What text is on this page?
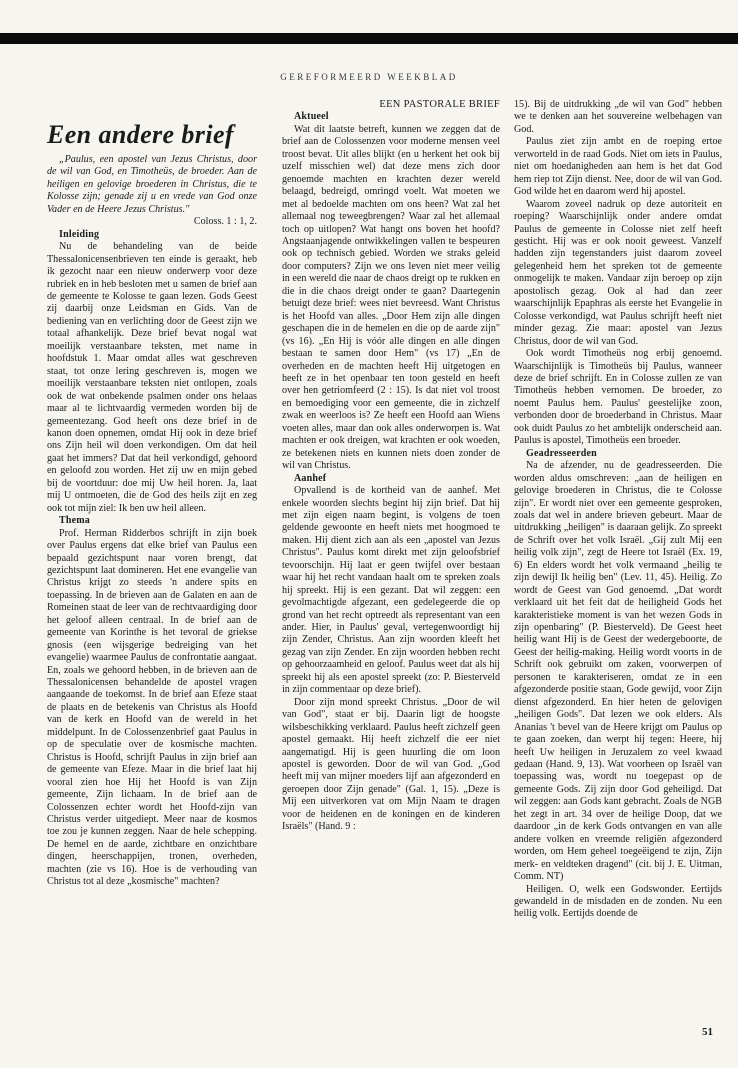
GEREFORMEERD WEEKBLAD
Een andere brief

„Paulus, een apostel van Jezus Christus, door de wil van God, en Timotheüs, de broeder. Aan de heiligen en gelovige broederen in Christus, die te Kolosse zijn; genade zij u en vrede van God onze Vader en de Heere Jezus Christus."
Coloss. 1 : 1, 2.

Inleiding

Nu de behandeling van de beide Thessalonicensenbrieven ten einde is geraakt, heb ik gezocht naar een nieuw onderwerp voor deze rubriek en in heb besloten met u samen de brief aan de gemeente te Kolosse te gaan lezen. Gods Geest zij daarbij onze Leidsman en Gids. Van de bediening van en verlichting door de Geest zijn we totaal afhankelijk. Deze brief bevat nogal wat moeilijk verstaanbare teksten, met name in hoofdstuk 1. Maar omdat alles wat geschreven staat, tot onze lering geschreven is, mogen we moeilijk verstaanbare teksten niet ontlopen, zoals ook de wat onbekende psalmen onder ons helaas maar al te lichtvaardig vermeden worden bij de gemeentezang. God heeft ons deze brief in de kanon doen opnemen, omdat Hij ook in deze brief ons Zijn heil wil doen verkondigen. Om dat heil gaat het immers? Dat dat heil verkondigd, gehoord en geloofd zou worden. Het zij uw en mijn gebed bij de voortduur: doe mij Uw heil horen. Ja, laat mij U ontmoeten, die de God des heils zijt en zeg ook tot mijn ziel: Ik ben uw heil alleen.

Thema

Prof. Herman Ridderbos schrijft in zijn boek over Paulus ergens dat elke brief van Paulus een bepaald gezichtspunt naar voren brengt, dat gezichtspunt laat domineren. Het ene evangelie van Christus krijgt zo steeds 'n andere spits en toepassing. In de brieven aan de Galaten en aan de Romeinen staat de leer van de rechtvaardiging door het geloof alleen centraal. In de brief aan de gemeente van Korinthe is het tevoral de griekse gnosis (een wijsgerige bedreiging van het evangelie) waarmee Paulus de confrontatie aangaat. En, zoals we gehoord hebben, in de brieven aan de Thessalonicensen behandelde de apostel vragen aangaande de toekomst. In de brief aan Efeze staat de plaats en de betekenis van Christus als Hoofd van de kerk en Hoofd van de wereld in het middelpunt. In de Colossenzenbrief gaat Paulus in op de speculatie over de kosmische machten. Christus is Hoofd, schrijft Paulus in zijn brief aan de gemeente van Efeze. Maar in die brief laat hij vooral zien hoe Hij het Hoofd is van Zijn gemeente, Zijn lichaam. In de brief aan de Colossenzen echter wordt het Hoofd-zijn van Christus verder uitgediept. Meer naar de kosmos toe zou je kunnen zeggen. Naar de hele schepping. De hemel en de aarde, zichtbare en onzichtbare dingen, heerschappijen, tronen, overheden, machten (zie vs 16). Hoe is de verhouding van Christus tot al deze „kosmische" machten?

EEN PASTORALE BRIEF

Aktueel

Wat dit laatste betreft, kunnen we zeggen dat de brief aan de Colossenzen voor moderne mensen veel troost bevat. Uit alles blijkt (en u herkent het ook bij uzelf misschien wel) dat deze mens zich door genoemde machten en krachten dezer wereld belaagd, bedreigd, omringd voelt. Wat moeten we met al bedoelde machten om ons heen? Wat zal het allemaal nog teweegbrengen? Waar zal het allemaal toch op uitlopen? Wat hangt ons boven het hoofd? Angstaanjagende ontwikkelingen vallen te bespeuren ook op technisch gebied. Worden we straks geleid door computers? Zijn we ons leven niet meer veilig in een wereld die naar de chaos dreigt op te rukken en die in die chaos dreigt onder te gaan? Daartegenin betuigt deze brief: wees niet bevreesd. Want Christus is het Hoofd van alles. „Door Hem zijn alle dingen geschapen die in de hemelen en die op de aarde zijn" (vs 16). „En Hij is vóór alle dingen en alle dingen bestaan te samen door Hem" (vs 17) „En de overheden en de machten heeft Hij uitgetogen en heeft ze in het openbaar ten toon gesteld en heeft over hen getriomfeerd (2 : 15). Is dat niet vol troost en bemoediging voor een gemeente, die in zichzelf zwak en weerloos is? Ze heeft een Hoofd aan Wiens voeten alles, maar dan ook alles onderworpen is. Wat machten er ook dreigen, wat krachten er ook woeden, ze betekenen niets en kunnen niets doen zonder de wil van Christus.

Aanhef

Opvallend is de kortheid van de aanhef. Met enkele woorden slechts begint hij zijn brief. Dat hij met zijn eigen naam begint, is volgens de toen geldende gewoonte en heeft niets met hoogmoed te maken. Hij dient zich aan als een „apostel van Jezus Christus". Paulus komt direkt met zijn geloofsbrief tevoorschijn. Hij laat er geen twijfel over bestaan waar hij het recht vandaan haalt om te spreken zoals hij spreekt. Hij is een gezant. Dat wil zeggen: een gevolmachtigde afgezant, een gedelegeerde die op grond van het recht optreedt als representant van een ander. Hier, in Paulus' geval, vertegenwoordigt hij zijn Zender, Christus. Aan zijn woorden kleeft het gezag van zijn Zender. En zijn woorden hebben recht op gehoorzaamheid en geloof. Paulus weet dat als hij spreekt hij als een apostel spreekt (zo: P. Biesterveld in zijn commentaar op deze brief).

Door zijn mond spreekt Christus. „Door de wil van God", staat er bij. Daarin ligt de hoogste wilsbeschikking verklaard. Paulus heeft zichzelf geen apostel gemaakt. Hij heeft zichzelf die eer niet aangematigd. Hij is geen huurling die om loon apostel is geworden. Door de wil van God. „God heeft mij van mijner moeders lijf aan afgezonderd en geroepen door Zijn genade" (Gal. 1, 15). „Deze is Mij een uitverkoren vat om Mijn Naam te dragen voor de heidenen en de koningen en de kinderen Israëls" (Hand. 9 :

15). Bij de uitdrukking „de wil van God" hebben we te denken aan het souvereine welbehagen van God.

Paulus ziet zijn ambt en de roeping ertoe verworteld in de raad Gods. Niet om iets in Paulus, niet om hoedanigheden aan hem is het dat God hem riep tot Zijn dienst. Nee, door de wil van God. God wilde het en daarom werd hij apostel.

Waarom zoveel nadruk op deze autoriteit en roeping? Waarschijnlijk onder andere omdat Paulus de gemeente in Colosse niet zelf heeft gesticht. Hij was er ook nooit geweest. Vanzelf hadden zijn tegenstanders juist daarom zoveel gelegenheid hem het spreken tot de gemeente onmogelijk te maken. Vandaar zijn beroep op zijn apostolisch gezag. Ook al had dan zeer waarschijnlijk Epaphras als eerste het Evangelie in Colosse verkondigd, wat Paulus schrijft heeft niet minder gezag. Zie maar: apostel van Jezus Christus, door de wil van God.

Ook wordt Timotheüs nog erbij genoemd. Waarschijnlijk is Timotheüs bij Paulus, wanneer deze de brief schrijft. En in Colosse zullen ze van Timotheüs hebben vernomen. De broeder, zo noemt Paulus hem. Paulus' geestelijke zoon, verbonden door de broederband in Christus. Maar ook duidt Paulus zo het ambtelijk onderscheid aan. Paulus is apostel, Timotheüs een broeder.

Geadresseerden

Na de afzender, nu de geadresseerden. Die worden aldus omschreven: „aan de heiligen en gelovige broederen in Christus, die te Colosse zijn". Er wordt niet over een gemeente gesproken, zoals dat wel in andere brieven gebeurt. Maar de uitdrukking „heiligen" is daaraan gelijk. Zo spreekt de Schrift over het volk Israël. „Gij zult Mij een heilig volk zijn", zegt de Heere tot Israël (Ex. 19, 6) En elders wordt het volk vermaand „heilig te zijn dewijl Ik heilig ben" (Lev. 11, 45). Heilig. Zo wordt de Geest van God genoemd. „Dat wordt verklaard uit het feit dat de heiligheid Gods het karakteristieke moment is van het wezen Gods in zijn openbaring" (P. Biesterveld). De Geest heet heilig want Hij is de Geest der wedergeboorte, de Geest der heilig-making. Heilig wordt voorts in de Schrift ook gebruikt om zaken, voorwerpen of personen te karakteriseren, omdat ze in een afgezonderde positie staan, Gode gewijd, voor Zijn dienst afgezonderd. En hier heten de gelovigen „heiligen Gods". Dat lezen we ook elders. Als Ananias 't bevel van de Heere krijgt om Paulus op te gaan zoeken, dan werpt hij tegen: Heere, hij heeft Uw heiligen in Jeruzalem zo veel kwaad gedaan (Hand. 9, 13). Wat voorheen op Israël van toepassing was, wordt nu toegepast op de gemeente Gods. Zij zijn door God geheiligd. Dat wil zeggen: aan Gods kant gebracht. Zoals de NGB het zegt in art. 34 over de heilige Doop, dat we daardoor „in de kerk Gods ontvangen en van alle andere volken en vreemde religiën afgezonderd worden, om Hem geheel toegeëigend te zijn, Zijn merk- en veldteken dragend" (cit. bij J. E. Uitman, Comm. NT)

Heiligen. O, welk een Godswonder. Eertijds gewandeld in de misdaden en de zonden. Nu een heilig volk. Eertijds doende de

51
